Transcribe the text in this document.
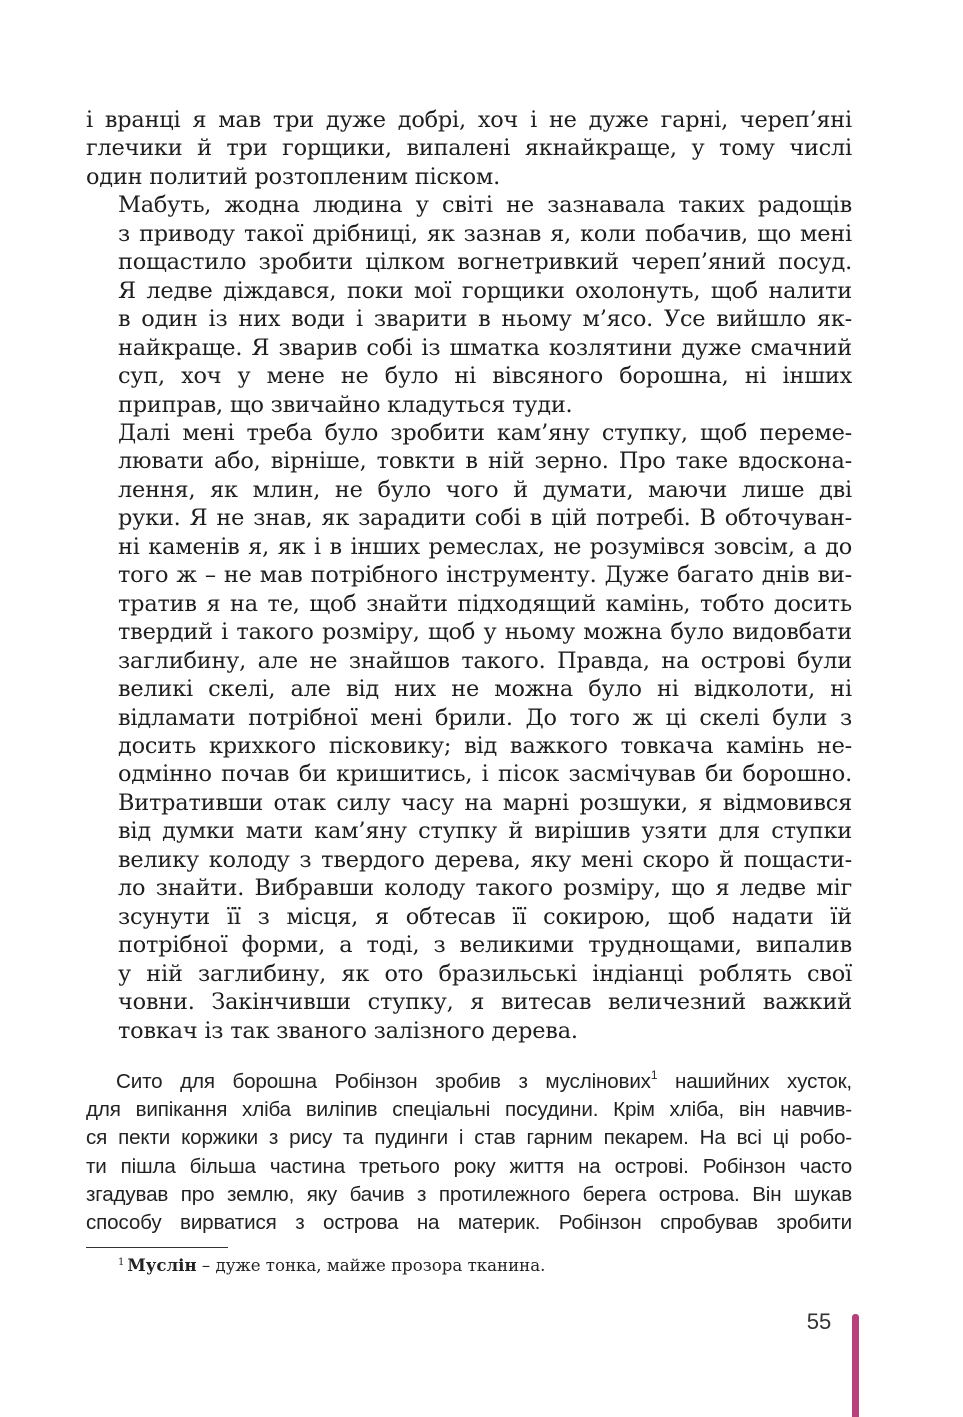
і вранці я мав три дуже добрі, хоч і не дуже гарні, череп’яні
глечики й три горщики, випалені якнайкраще, у тому числі
один политий розтопленим піском.

Мабуть, жодна людина у світі не зазнавала таких радощів
з приводу такої дрібниці, як зазнав я, коли побачив, що мені
пощастило зробити цілком вогнетривкий череп’яний посуд.
Я ледве діждався, поки мої горщики охолонуть, щоб налити
в один із них води і зварити в ньому м’ясо. Усе вийшло як-
найкраще. Я зварив собі із шматка козлятини дуже смачний
суп, хоч у мене не було ні вівсяного борошна, ні інших
приправ, що звичайно кладуться туди.

Далі мені треба було зробити кам’яну ступку, щоб переме-
лювати або, вірніше, товкти в ній зерно. Про таке вдоскона-
лення, як млин, не було чого й думати, маючи лише дві
руки. Я не знав, як зарадити собі в цій потребі. В обточуван-
ні каменів я, як і в інших ремеслах, не розумівся зовсім, а до
того ж – не мав потрібного інструменту. Дуже багато днів ви-
тратив я на те, щоб знайти підходящий камінь, тобто досить
твердий і такого розміру, щоб у ньому можна було видовбати
заглибину, але не знайшов такого. Правда, на острові були
великі скелі, але від них не можна було ні відколоти, ні
відламати потрібної мені брили. До того ж ці скелі були з
досить крихкого пісковику; від важкого товкача камінь не-
одмінно почав би кришитись, і пісок засмічував би борошно.
Витративши отак силу часу на марні розшуки, я відмовився
від думки мати кам’яну ступку й вирішив узяти для ступки
велику колоду з твердого дерева, яку мені скоро й пощасти-
ло знайти. Вибравши колоду такого розміру, що я ледве міг
зсунути її з місця, я обтесав її сокирою, щоб надати їй
потрібної форми, а тоді, з великими труднощами, випалив
у ній заглибину, як ото бразильські індіанці роблять свої
човни. Закінчивши ступку, я витесав величезний важкий
товкач із так званого залізного дерева.

Сито для борошна Робінзон зробив з муслінових$^1$ нашийних хусток,
для випікання хліба виліпив спеціальні посудини. Крім хліба, він навчив-
ся пекти коржики з рису та пудинги і став гарним пекарем. На всі ці робо-
ти пішла більша частина третього року життя на острові. Робінзон часто
згадував про землю, яку бачив з протилежного берега острова. Він шукав
способу вирватися з острова на материк. Робінзон спробував зробити
$^1$ Муслін – дуже тонка, майже прозора тканина.
55
